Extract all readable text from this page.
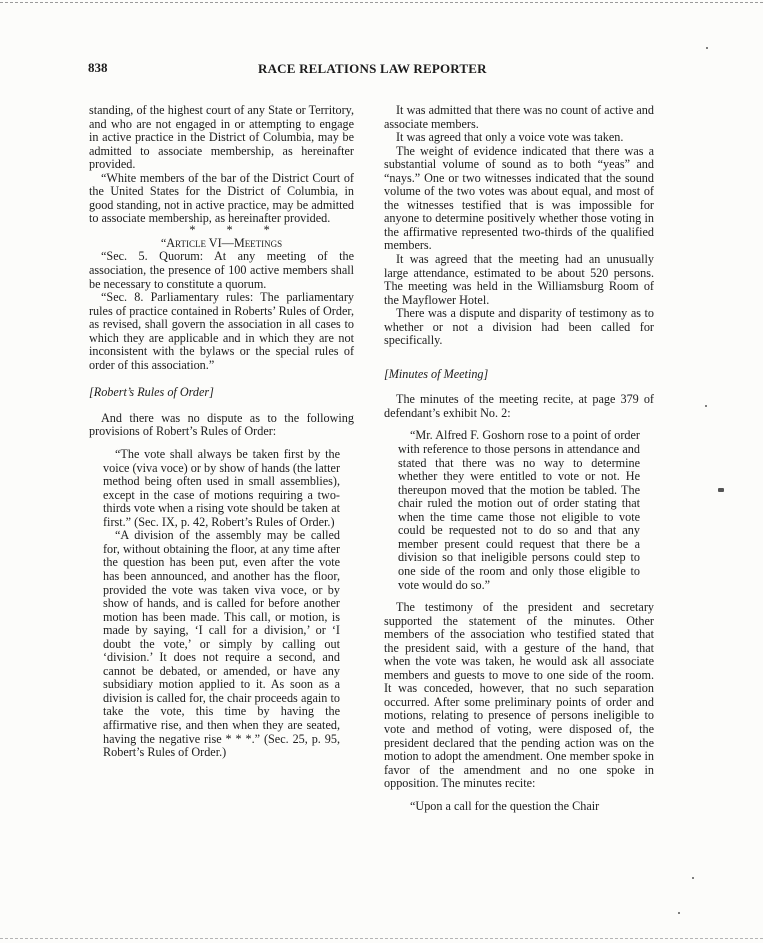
838	RACE RELATIONS LAW REPORTER

standing, of the highest court of any State or Territory, and who are not engaged in or attempting to engage in active practice in the District of Columbia, may be admitted to associate membership, as hereinafter provided.

“White members of the bar of the District Court of the United States for the District of Columbia, in good standing, not in active practice, may be admitted to associate membership, as hereinafter provided.

* * *

“Article VI—Meetings

“Sec. 5. Quorum: At any meeting of the association, the presence of 100 active members shall be necessary to constitute a quorum.

“Sec. 8. Parliamentary rules: The parliamentary rules of practice contained in Roberts’ Rules of Order, as revised, shall govern the association in all cases to which they are applicable and in which they are not inconsistent with the bylaws or the special rules of order of this association.”

[Robert’s Rules of Order]

And there was no dispute as to the following provisions of Robert’s Rules of Order:

“The vote shall always be taken first by the voice (viva voce) or by show of hands (the latter method being often used in small assemblies), except in the case of motions requiring a two-thirds vote when a rising vote should be taken at first.” (Sec. IX, p. 42, Robert’s Rules of Order.)

“A division of the assembly may be called for, without obtaining the floor, at any time after the question has been put, even after the vote has been announced, and another has the floor, provided the vote was taken viva voce, or by show of hands, and is called for before another motion has been made. This call, or motion, is made by saying, ‘I call for a division,’ or ‘I doubt the vote,’ or simply by calling out ‘division.’ It does not require a second, and cannot be debated, or amended, or have any subsidiary motion applied to it. As soon as a division is called for, the chair proceeds again to take the vote, this time by having the affirmative rise, and then when they are seated, having the negative rise * * *.” (Sec. 25, p. 95, Robert’s Rules of Order.)

It was admitted that there was no count of active and associate members.

It was agreed that only a voice vote was taken.

The weight of evidence indicated that there was a substantial volume of sound as to both “yeas” and “nays.” One or two witnesses indicated that the sound volume of the two votes was about equal, and most of the witnesses testified that is was impossible for anyone to determine positively whether those voting in the affirmative represented two-thirds of the qualified members.

It was agreed that the meeting had an unusually large attendance, estimated to be about 520 persons. The meeting was held in the Williamsburg Room of the Mayflower Hotel.

There was a dispute and disparity of testimony as to whether or not a division had been called for specifically.

[Minutes of Meeting]

The minutes of the meeting recite, at page 379 of defendant’s exhibit No. 2:

“Mr. Alfred F. Goshorn rose to a point of order with reference to those persons in attendance and stated that there was no way to determine whether they were entitled to vote or not. He thereupon moved that the motion be tabled. The chair ruled the motion out of order stating that when the time came those not eligible to vote could be requested not to do so and that any member present could request that there be a division so that ineligible persons could step to one side of the room and only those eligible to vote would do so.”

The testimony of the president and secretary supported the statement of the minutes. Other members of the association who testified stated that the president said, with a gesture of the hand, that when the vote was taken, he would ask all associate members and guests to move to one side of the room. It was conceded, however, that no such separation occurred. After some preliminary points of order and motions, relating to presence of persons ineligible to vote and method of voting, were disposed of, the president declared that the pending action was on the motion to adopt the amendment. One member spoke in favor of the amendment and no one spoke in opposition. The minutes recite:

“Upon a call for the question the Chair
